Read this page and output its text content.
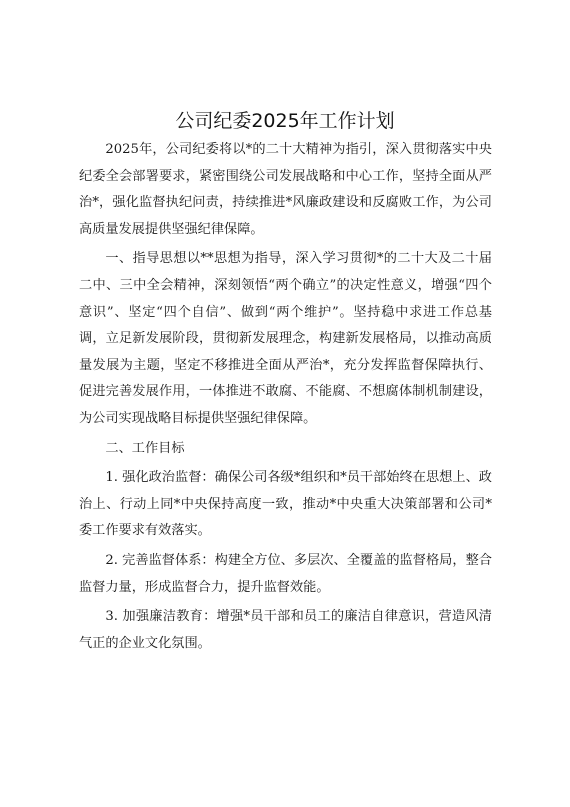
公司纪委2025年工作计划

2025年，公司纪委将以*的二十大精神为指引，深入贯彻落实中央纪委全会部署要求，紧密围绕公司发展战略和中心工作，坚持全面从严治*，强化监督执纪问责，持续推进*风廉政建设和反腐败工作，为公司高质量发展提供坚强纪律保障。

一、指导思想以**思想为指导，深入学习贯彻*的二十大及二十届二中、三中全会精神，深刻领悟“两个确立”的决定性意义，增强“四个意识”、坚定“四个自信”、做到“两个维护”。坚持稳中求进工作总基调，立足新发展阶段，贯彻新发展理念，构建新发展格局，以推动高质量发展为主题，坚定不移推进全面从严治*，充分发挥监督保障执行、促进完善发展作用，一体推进不敢腐、不能腐、不想腐体制机制建设，为公司实现战略目标提供坚强纪律保障。

二、工作目标

1. 强化政治监督：确保公司各级*组织和*员干部始终在思想上、政治上、行动上同*中央保持高度一致，推动*中央重大决策部署和公司*委工作要求有效落实。

2. 完善监督体系：构建全方位、多层次、全覆盖的监督格局，整合监督力量，形成监督合力，提升监督效能。

3. 加强廉洁教育：增强*员干部和员工的廉洁自律意识，营造风清气正的企业文化氛围。
